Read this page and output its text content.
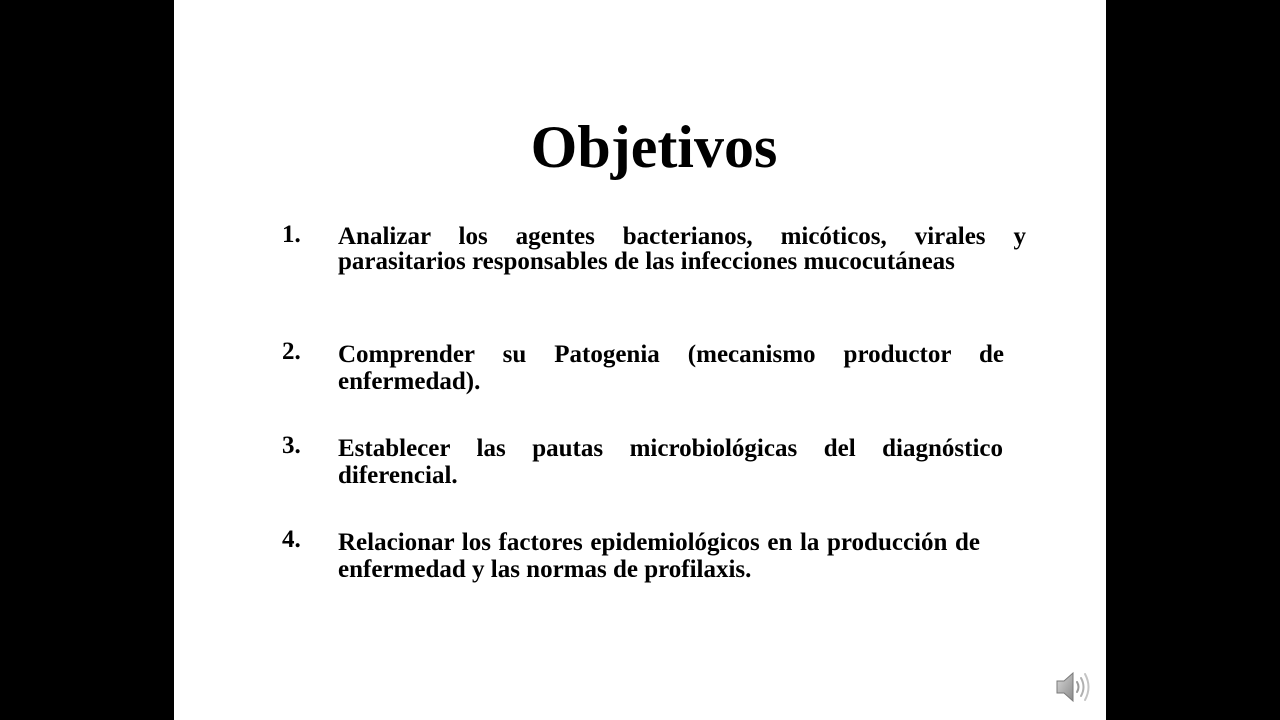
Objetivos
1.	Analizar los agentes bacterianos, micóticos, virales y parasitarios responsables de las infecciones mucocutáneas
2.	Comprender su Patogenia (mecanismo productor de enfermedad).
3.	Establecer las pautas microbiológicas del diagnóstico diferencial.
4.	Relacionar los factores epidemiológicos en la producción de enfermedad y las normas de profilaxis.
